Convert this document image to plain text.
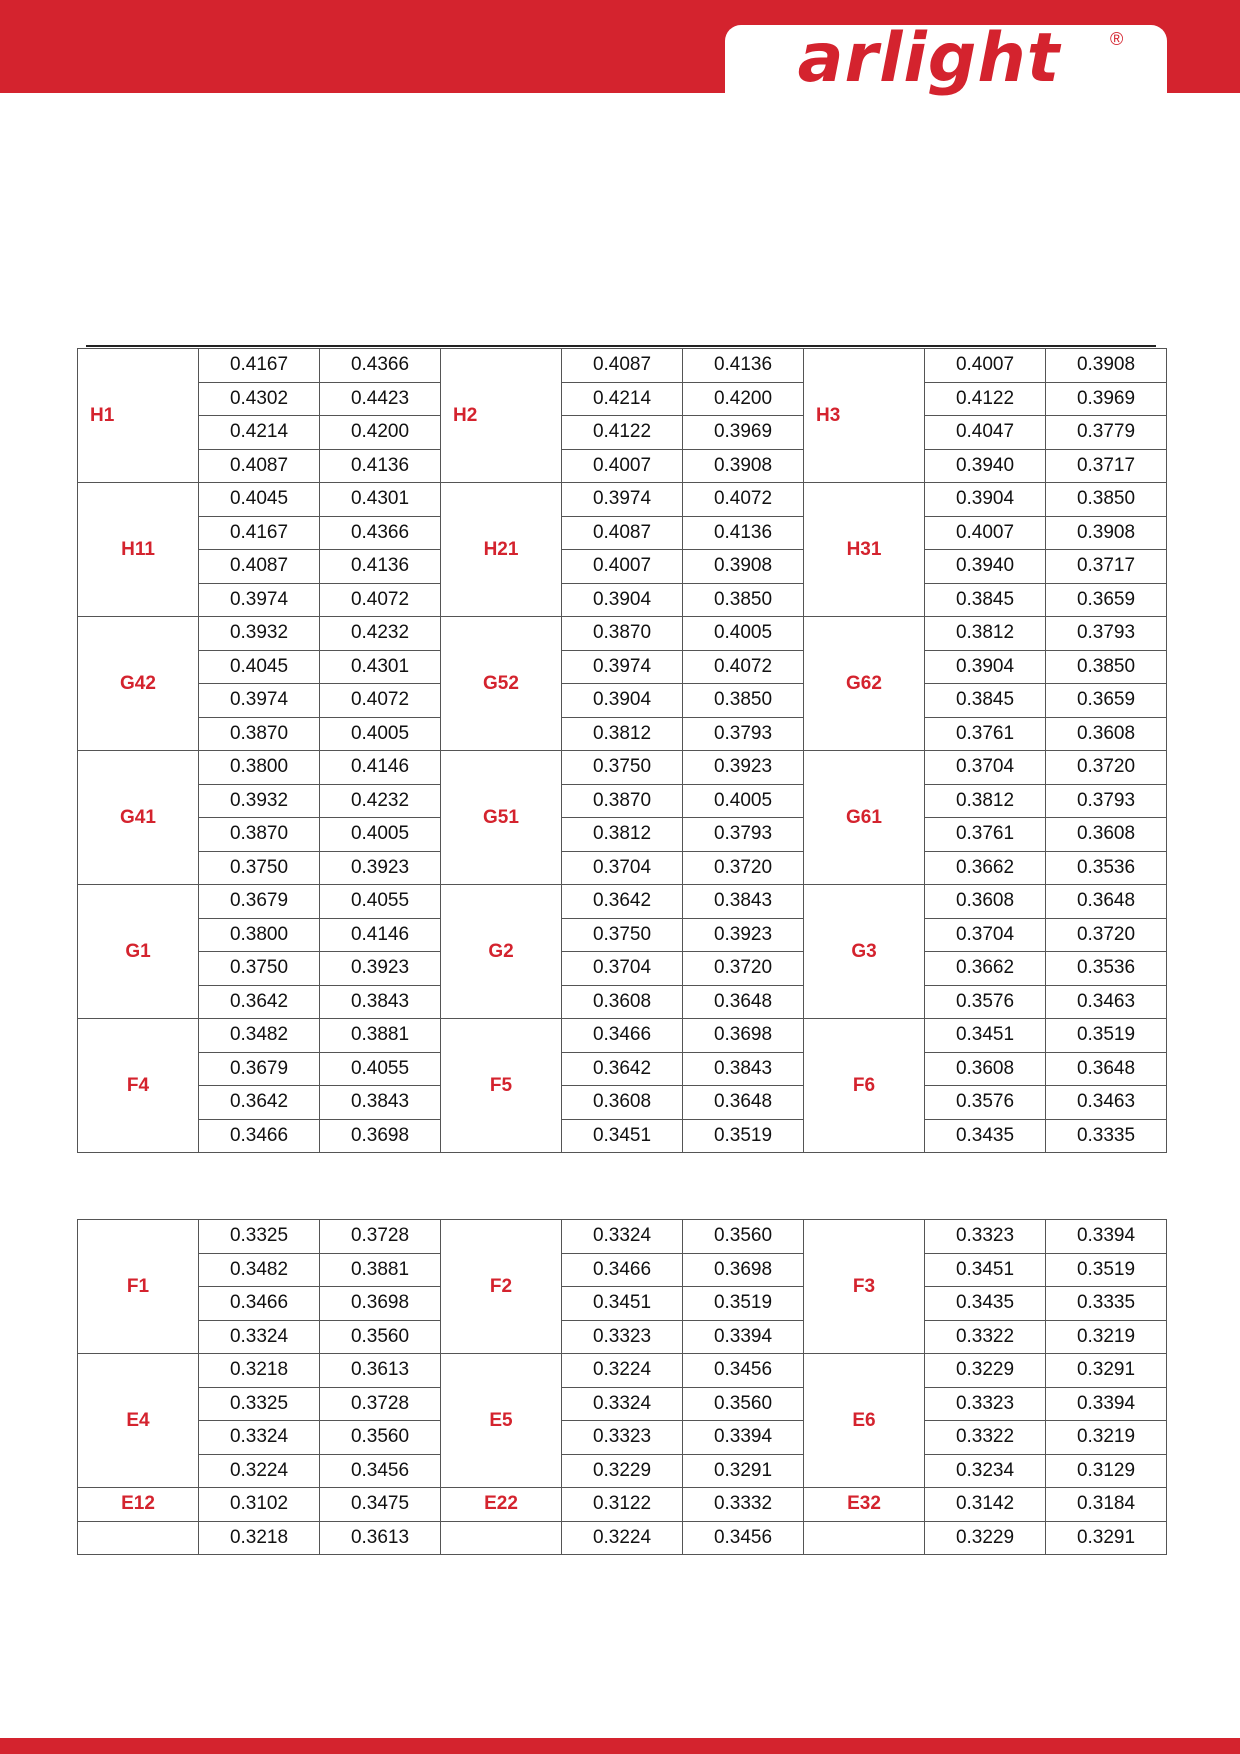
arlight	®
H1	0.4167	0.4366	H2	0.4087	0.4136	H3	0.4007	0.3908
	0.4302	0.4423		0.4214	0.4200		0.4122	0.3969
	0.4214	0.4200		0.4122	0.3969		0.4047	0.3779
	0.4087	0.4136		0.4007	0.3908		0.3940	0.3717
H11	0.4045	0.4301	H21	0.3974	0.4072	H31	0.3904	0.3850
	0.4167	0.4366		0.4087	0.4136		0.4007	0.3908
	0.4087	0.4136		0.4007	0.3908		0.3940	0.3717
	0.3974	0.4072		0.3904	0.3850		0.3845	0.3659
G42	0.3932	0.4232	G52	0.3870	0.4005	G62	0.3812	0.3793
	0.4045	0.4301		0.3974	0.4072		0.3904	0.3850
	0.3974	0.4072		0.3904	0.3850		0.3845	0.3659
	0.3870	0.4005		0.3812	0.3793		0.3761	0.3608
G41	0.3800	0.4146	G51	0.3750	0.3923	G61	0.3704	0.3720
	0.3932	0.4232		0.3870	0.4005		0.3812	0.3793
	0.3870	0.4005		0.3812	0.3793		0.3761	0.3608
	0.3750	0.3923		0.3704	0.3720		0.3662	0.3536
G1	0.3679	0.4055	G2	0.3642	0.3843	G3	0.3608	0.3648
	0.3800	0.4146		0.3750	0.3923		0.3704	0.3720
	0.3750	0.3923		0.3704	0.3720		0.3662	0.3536
	0.3642	0.3843		0.3608	0.3648		0.3576	0.3463
F4	0.3482	0.3881	F5	0.3466	0.3698	F6	0.3451	0.3519
	0.3679	0.4055		0.3642	0.3843		0.3608	0.3648
	0.3642	0.3843		0.3608	0.3648		0.3576	0.3463
	0.3466	0.3698		0.3451	0.3519		0.3435	0.3335
F1	0.3325	0.3728	F2	0.3324	0.3560	F3	0.3323	0.3394
	0.3482	0.3881		0.3466	0.3698		0.3451	0.3519
	0.3466	0.3698		0.3451	0.3519		0.3435	0.3335
	0.3324	0.3560		0.3323	0.3394		0.3322	0.3219
E4	0.3218	0.3613	E5	0.3224	0.3456	E6	0.3229	0.3291
	0.3325	0.3728		0.3324	0.3560		0.3323	0.3394
	0.3324	0.3560		0.3323	0.3394		0.3322	0.3219
	0.3224	0.3456		0.3229	0.3291		0.3234	0.3129
E12	0.3102	0.3475	E22	0.3122	0.3332	E32	0.3142	0.3184
	0.3218	0.3613		0.3224	0.3456		0.3229	0.3291
